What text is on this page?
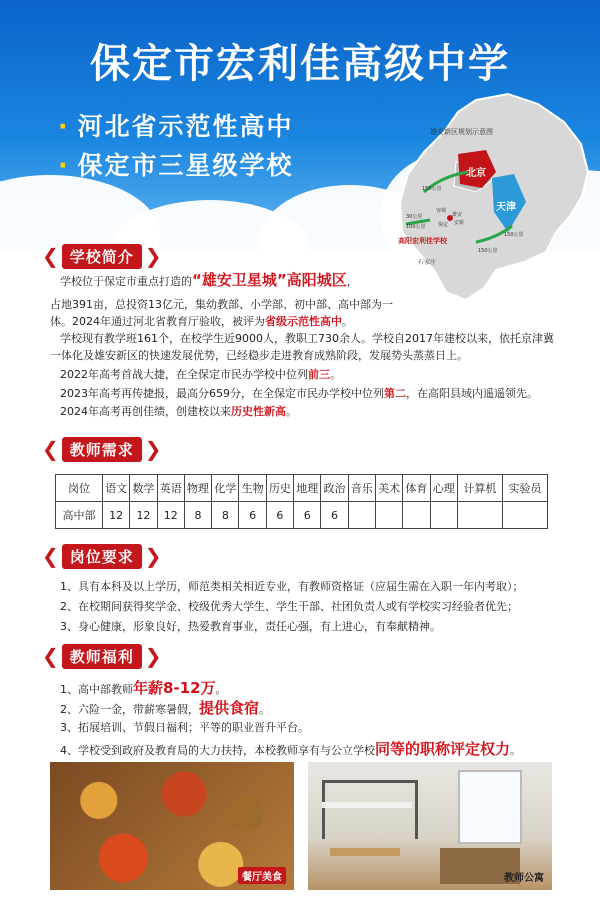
保定市宏利佳高级中学
· 河北省示范性高中
· 保定市三星级学校
雄安新区规划示意图
北京
天津
容城
雄安
保定 安新
高阳宏利佳学校
石家庄
150公里
150公里
150公里
30公里
100公里
❮ 学校简介 ❯
学校位于保定市重点打造的“雄安卫星城”高阳城区，
占地391亩，总投资13亿元，集幼教部、小学部、初中部、高中部为一
体。2024年通过河北省教育厅验收，被评为省级示范性高中。
学校现有教学班161个，在校学生近9000人，教职工730余人。学校自2017年建校以来，依托京津冀
一体化及雄安新区的快速发展优势，已经稳步走进教育成熟阶段，发展势头蒸蒸日上。
2022年高考首战大捷，在全保定市民办学校中位列前三。
2023年高考再传捷报，最高分659分，在全保定市民办学校中位列第二，在高阳县域内遥遥领先。
2024年高考再创佳绩，创建校以来历史性新高。
❮ 教师需求 ❯
岗位	语文	数学	英语	物理	化学	生物	历史	地理	政治	音乐	美术	体育	心理	计算机	实验员
高中部	12	12	12	8	8	6	6	6	6						
❮ 岗位要求 ❯
1、具有本科及以上学历，师范类相关相近专业，有教师资格证（应届生需在入职一年内考取）；
2、在校期间获得奖学金、校级优秀大学生、学生干部、社团负责人或有学校实习经验者优先；
3、身心健康，形象良好，热爱教育事业，责任心强，有上进心，有奉献精神。
❮ 教师福利 ❯
1、高中部教师年薪8-12万。
2、六险一金，带薪寒暑假，提供食宿。
3、拓展培训、节假日福利；平等的职业晋升平台。
4、学校受到政府及教育局的大力扶持，本校教师享有与公立学校同等的职称评定权力。
餐厅美食	教师公寓
